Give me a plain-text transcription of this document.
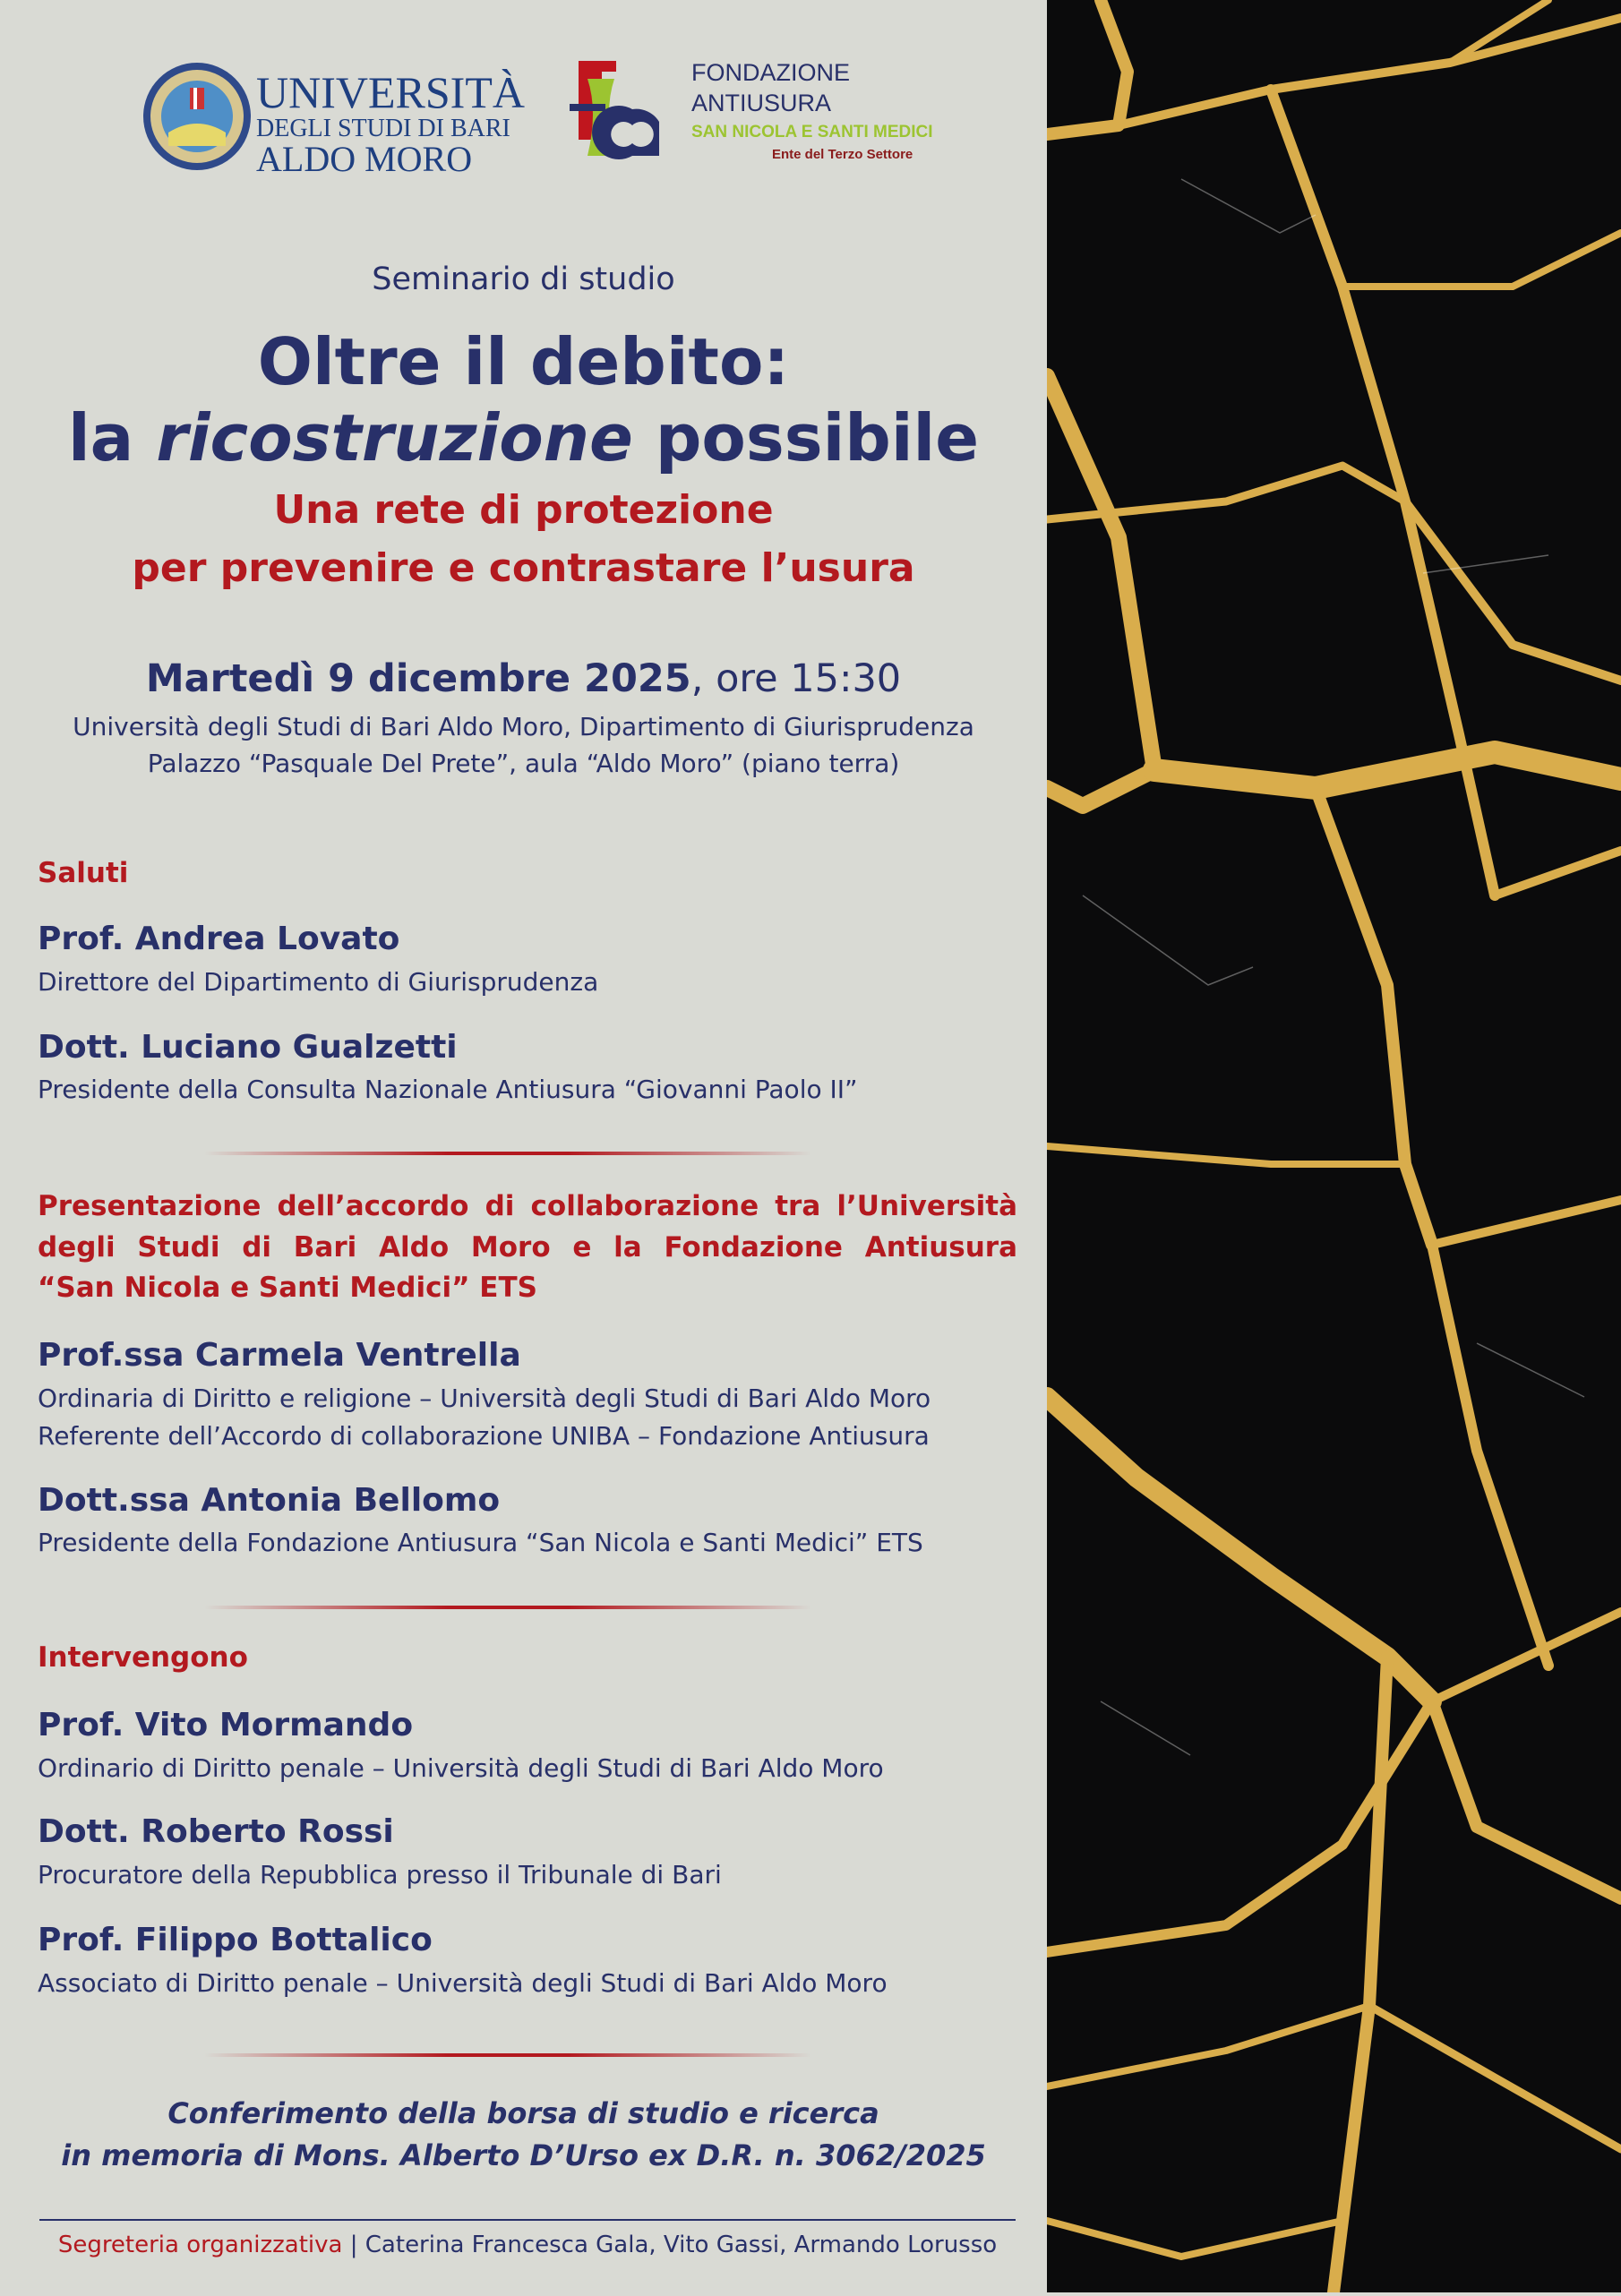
UNIVERSITÀ
DEGLI STUDI DI BARI
ALDO MORO
FONDAZIONE
ANTIUSURA
SAN NICOLA E SANTI MEDICI
Ente del Terzo Settore
Seminario di studio
Oltre il debito:
la ricostruzione possibile
Una rete di protezione
per prevenire e contrastare l’usura
Martedì 9 dicembre 2025, ore 15:30
Università degli Studi di Bari Aldo Moro, Dipartimento di Giurisprudenza
Palazzo “Pasquale Del Prete”, aula “Aldo Moro” (piano terra)
Saluti
Prof. Andrea Lovato
Direttore del Dipartimento di Giurisprudenza
Dott. Luciano Gualzetti
Presidente della Consulta Nazionale Antiusura “Giovanni Paolo II”
Presentazione dell’accordo di collaborazione tra l’Università
degli Studi di Bari Aldo Moro e la Fondazione Antiusura
“San Nicola e Santi Medici” ETS
Prof.ssa Carmela Ventrella
Ordinaria di Diritto e religione – Università degli Studi di Bari Aldo Moro
Referente dell’Accordo di collaborazione UNIBA – Fondazione Antiusura
Dott.ssa Antonia Bellomo
Presidente della Fondazione Antiusura “San Nicola e Santi Medici” ETS
Intervengono
Prof. Vito Mormando
Ordinario di Diritto penale – Università degli Studi di Bari Aldo Moro
Dott. Roberto Rossi
Procuratore della Repubblica presso il Tribunale di Bari
Prof. Filippo Bottalico
Associato di Diritto penale – Università degli Studi di Bari Aldo Moro
Conferimento della borsa di studio e ricerca
in memoria di Mons. Alberto D’Urso ex D.R. n. 3062/2025
Segreteria organizzativa | Caterina Francesca Gala, Vito Gassi, Armando Lorusso
